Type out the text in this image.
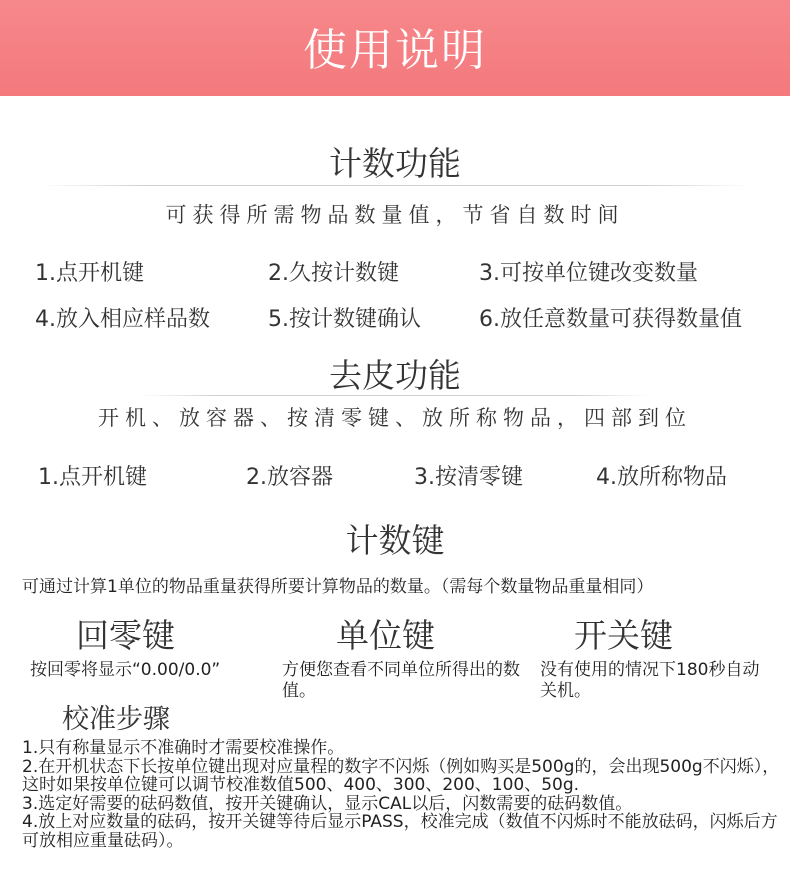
使用说明
计数功能
可获得所需物品数量值，节省自数时间
1.点开机键	2.久按计数键	3.可按单位键改变数量
4.放入相应样品数	5.按计数键确认	6.放任意数量可获得数量值
去皮功能
开机、放容器、按清零键、放所称物品，四部到位
1.点开机键	2.放容器	3.按清零键	4.放所称物品
计数键
可通过计算1单位的物品重量获得所要计算物品的数量。（需每个数量物品重量相同）
回零键
按回零将显示“0.00/0.0”
单位键
方便您查看不同单位所得出的数值。
开关键
没有使用的情况下180秒自动关机。
校准步骤
1.只有称量显示不准确时才需要校准操作。
2.在开机状态下长按单位键出现对应量程的数字不闪烁（例如购买是500g的，会出现500g不闪烁），这时如果按单位键可以调节校准数值500、400、300、200、100、50g.
3.选定好需要的砝码数值，按开关键确认，显示CAL以后，闪数需要的砝码数值。
4.放上对应数量的砝码，按开关键等待后显示PASS，校准完成（数值不闪烁时不能放砝码，闪烁后方可放相应重量砝码）。
